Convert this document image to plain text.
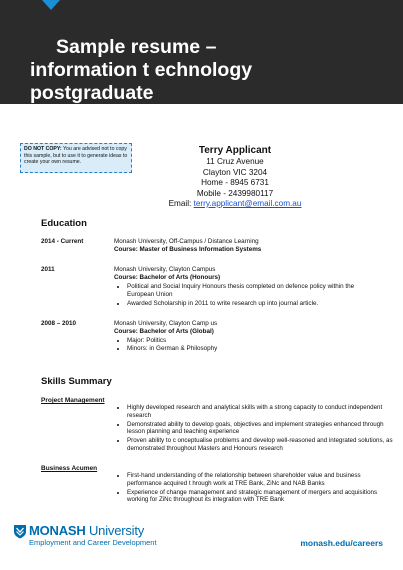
Sample resume –
information t echnology
postgraduate
DO NOT COPY: You are advised not to copy this sample, but to use it to generate ideas to create your own resume.
Terry Applicant
11 Cruz Avenue
Clayton VIC 3204
Home - 8945 6731
Mobile - 2439980117
Email: terry.applicant@email.com.au
Education
2014 - Current	Monash University, Off-Campus / Distance Learning
Course: Master of Business Information Systems
2011	Monash University, Clayton Campus
Course: Bachelor of Arts (Honours)
• Political and Social Inquiry Honours thesis completed on defence policy within the European Union
• Awarded Scholarship in 2011 to write research up into journal article.
2008 – 2010	Monash University, Clayton Camp us
Course: Bachelor of Arts (Global)
• Major: Politics
• Minors: in German & Philosophy
Skills Summary
Project Management
• Highly developed research and analytical skills with a strong capacity to conduct independent research
• Demonstrated ability to develop goals, objectives and implement strategies enhanced through lesson planning and teaching experience
• Proven ability to c onceptualise problems and develop well-reasoned and integrated solutions, as demonstrated throughout Masters and Honours research
Business Acumen
• First-hand understanding of the relationship between shareholder value and business performance acquired t hrough work at TRE Bank, ZiNc and NAB Banks
• Experience of change management and strategic management of mergers and acquisitions working for ZiNc throughout its integration with TRE Bank
MONASH University
Employment and Career Development	monash.edu/careers
